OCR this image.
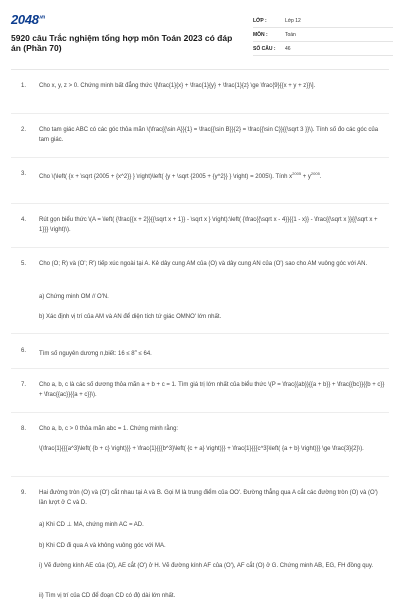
$2048^{.vn}$
5920 câu Trắc nghiệm tổng hợp môn Toán 2023 có đáp án (Phần 70)
LỚP :	Lớp 12
MÔN :	Toán
SỐ CÂU : 46
1. Cho x, y, z > 0. Chứng minh bất đẳng thức \[\frac{1}{x} + \frac{1}{y} + \frac{1}{z} \ge \frac{9}{{x + y + z}}\].
2. Cho tam giác ABC có các góc thỏa mãn \(\frac{{\sin A}}{1} = \frac{{\sin B}}{2} = \frac{{\sin C}}{{\sqrt 3 }}\). Tính số đo các góc của tam giác.
3. Cho \(\left( {x + \sqrt {2005 + {x^2}} } \right)\left( {y + \sqrt {2005 + {y^2}} } \right) = 2005\). Tính $x^{2005} + y^{2005}$.
4. Rút gọn biểu thức \(A = \left( {\frac{{x + 2}}{{\sqrt x + 1}} - \sqrt x } \right):\left( {\frac{{\sqrt x - 4}}{{1 - x}} - \frac{{\sqrt x }}{{\sqrt x + 1}}} \right)\).
5. Cho (O; R) và (O'; R') tiếp xúc ngoài tại A. Kẻ dây cung AM của (O) và dây cung AN của (O') sao cho AM vuông góc với AN.
a) Chứng minh OM // O'N.
b) Xác định vị trí của AM và AN để diện tích tứ giác OMNO' lớn nhất.
6. Tìm số nguyên dương n,biết: $16 \le 8^n \le 64$.
7. Cho a, b, c là các số dương thỏa mãn a + b + c = 1. Tìm giá trị lớn nhất của biểu thức \(P = \frac{{ab}}{{a + b}} + \frac{{bc}}{{b + c}} + \frac{{ac}}{{a + c}}\).
8. Cho a, b, c > 0 thỏa mãn abc = 1. Chứng minh rằng:
\(\frac{1}{{{a^3}\left( {b + c} \right)}} + \frac{1}{{{b^3}\left( {c + a} \right)}} + \frac{1}{{{c^3}\left( {a + b} \right)}} \ge \frac{3}{2}\).
9. Hai đường tròn (O) và (O') cắt nhau tại A và B. Gọi M là trung điểm của OO'. Đường thẳng qua A cắt các đường tròn (O) và (O') lần lượt ở C và D.
a) Khi CD ⊥ MA, chứng minh AC = AD.
b) Khi CD đi qua A và không vuông góc với MA.
i) Vẽ đường kính AE của (O), AE cắt (O') ở H. Vẽ đường kính AF của (O'), AF cắt (O) ở G. Chứng minh AB, EG, FH đồng quy.
ii) Tìm vị trí của CD để đoạn CD có độ dài lớn nhất.
